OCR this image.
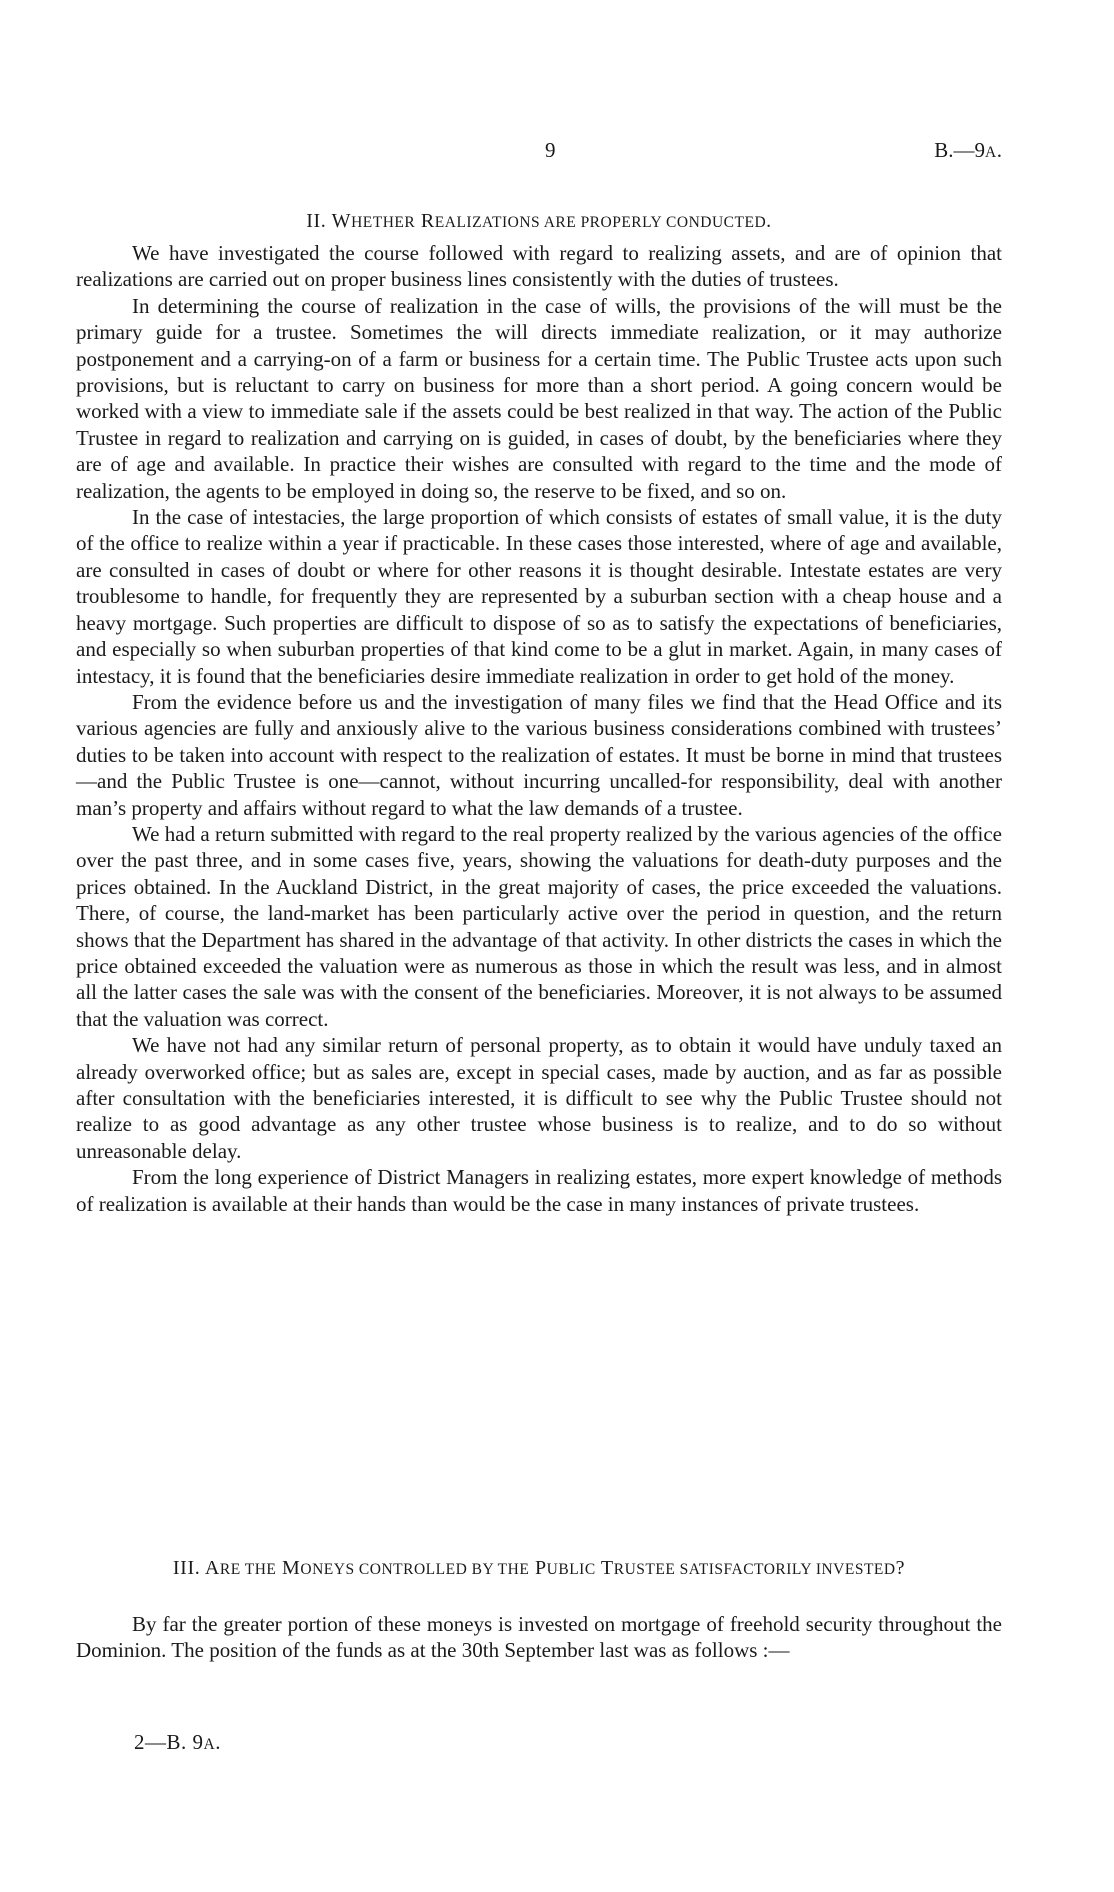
9	B.—9A.
II. WHETHER REALIZATIONS ARE PROPERLY CONDUCTED.

We have investigated the course followed with regard to realizing assets, and are of opinion that realizations are carried out on proper business lines consistently with the duties of trustees.

In determining the course of realization in the case of wills, the provisions of the will must be the primary guide for a trustee. Sometimes the will directs immediate realization, or it may authorize postponement and a carrying-on of a farm or business for a certain time. The Public Trustee acts upon such provisions, but is reluctant to carry on business for more than a short period. A going concern would be worked with a view to immediate sale if the assets could be best realized in that way. The action of the Public Trustee in regard to realization and carrying on is guided, in cases of doubt, by the beneficiaries where they are of age and available. In practice their wishes are consulted with regard to the time and the mode of realization, the agents to be employed in doing so, the reserve to be fixed, and so on.

In the case of intestacies, the large proportion of which consists of estates of small value, it is the duty of the office to realize within a year if practicable. In these cases those interested, where of age and available, are consulted in cases of doubt or where for other reasons it is thought desirable. Intestate estates are very troublesome to handle, for frequently they are represented by a suburban section with a cheap house and a heavy mortgage. Such properties are difficult to dispose of so as to satisfy the expectations of beneficiaries, and especially so when suburban properties of that kind come to be a glut in market. Again, in many cases of intestacy, it is found that the beneficiaries desire immediate realization in order to get hold of the money.

From the evidence before us and the investigation of many files we find that the Head Office and its various agencies are fully and anxiously alive to the various business considerations combined with trustees’ duties to be taken into account with respect to the realization of estates. It must be borne in mind that trustees—and the Public Trustee is one—cannot, without incurring uncalled-for responsibility, deal with another man’s property and affairs without regard to what the law demands of a trustee.

We had a return submitted with regard to the real property realized by the various agencies of the office over the past three, and in some cases five, years, showing the valuations for death-duty purposes and the prices obtained. In the Auckland District, in the great majority of cases, the price exceeded the valuations. There, of course, the land-market has been particularly active over the period in question, and the return shows that the Department has shared in the advantage of that activity. In other districts the cases in which the price obtained exceeded the valuation were as numerous as those in which the result was less, and in almost all the latter cases the sale was with the consent of the beneficiaries. Moreover, it is not always to be assumed that the valuation was correct.

We have not had any similar return of personal property, as to obtain it would have unduly taxed an already overworked office; but as sales are, except in special cases, made by auction, and as far as possible after consultation with the beneficiaries interested, it is difficult to see why the Public Trustee should not realize to as good advantage as any other trustee whose business is to realize, and to do so without unreasonable delay.

From the long experience of District Managers in realizing estates, more expert knowledge of methods of realization is available at their hands than would be the case in many instances of private trustees.

III. ARE THE MONEYS CONTROLLED BY THE PUBLIC TRUSTEE SATISFACTORILY INVESTED?

By far the greater portion of these moneys is invested on mortgage of freehold security throughout the Dominion. The position of the funds as at the 30th September last was as follows :—

2—B. 9A.
